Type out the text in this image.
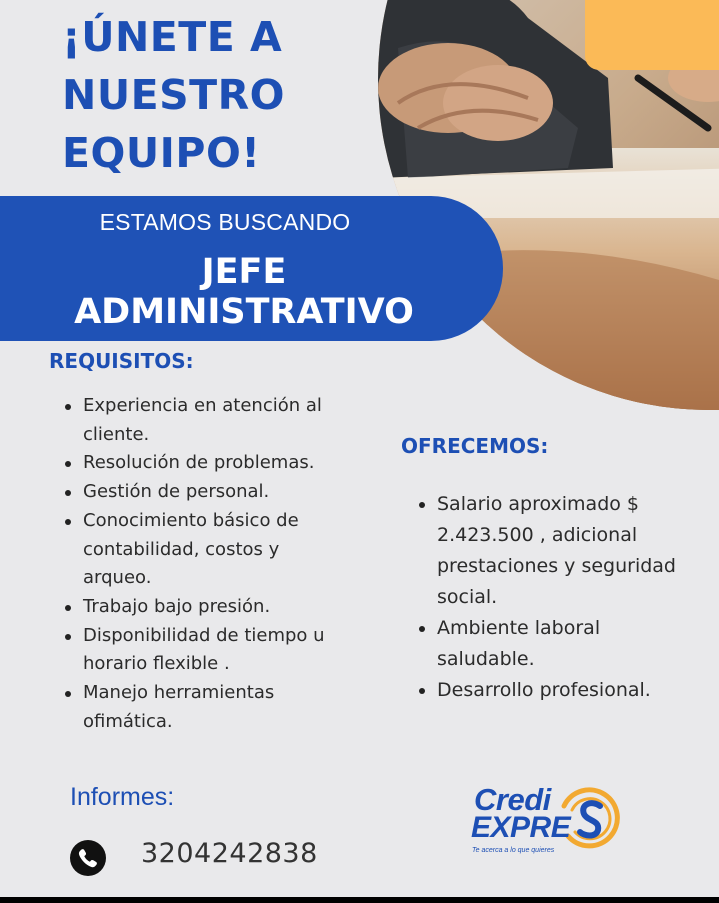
¡ÚNETE A
NUESTRO
EQUIPO!
ESTAMOS BUSCANDO
JEFE
ADMINISTRATIVO
REQUISITOS:
Experiencia en atención al
cliente.
Resolución de problemas.
Gestión de personal.
Conocimiento básico de
contabilidad, costos y
arqueo.
Trabajo bajo presión.
Disponibilidad de tiempo u
horario flexible .
Manejo herramientas
ofimática.
OFRECEMOS:
Salario aproximado $
2.423.500 , adicional
prestaciones y seguridad
social.
Ambiente laboral
saludable.
Desarrollo profesional.
Informes:
3204242838
Credi
EXPRE
Te acerca a lo que quieres
